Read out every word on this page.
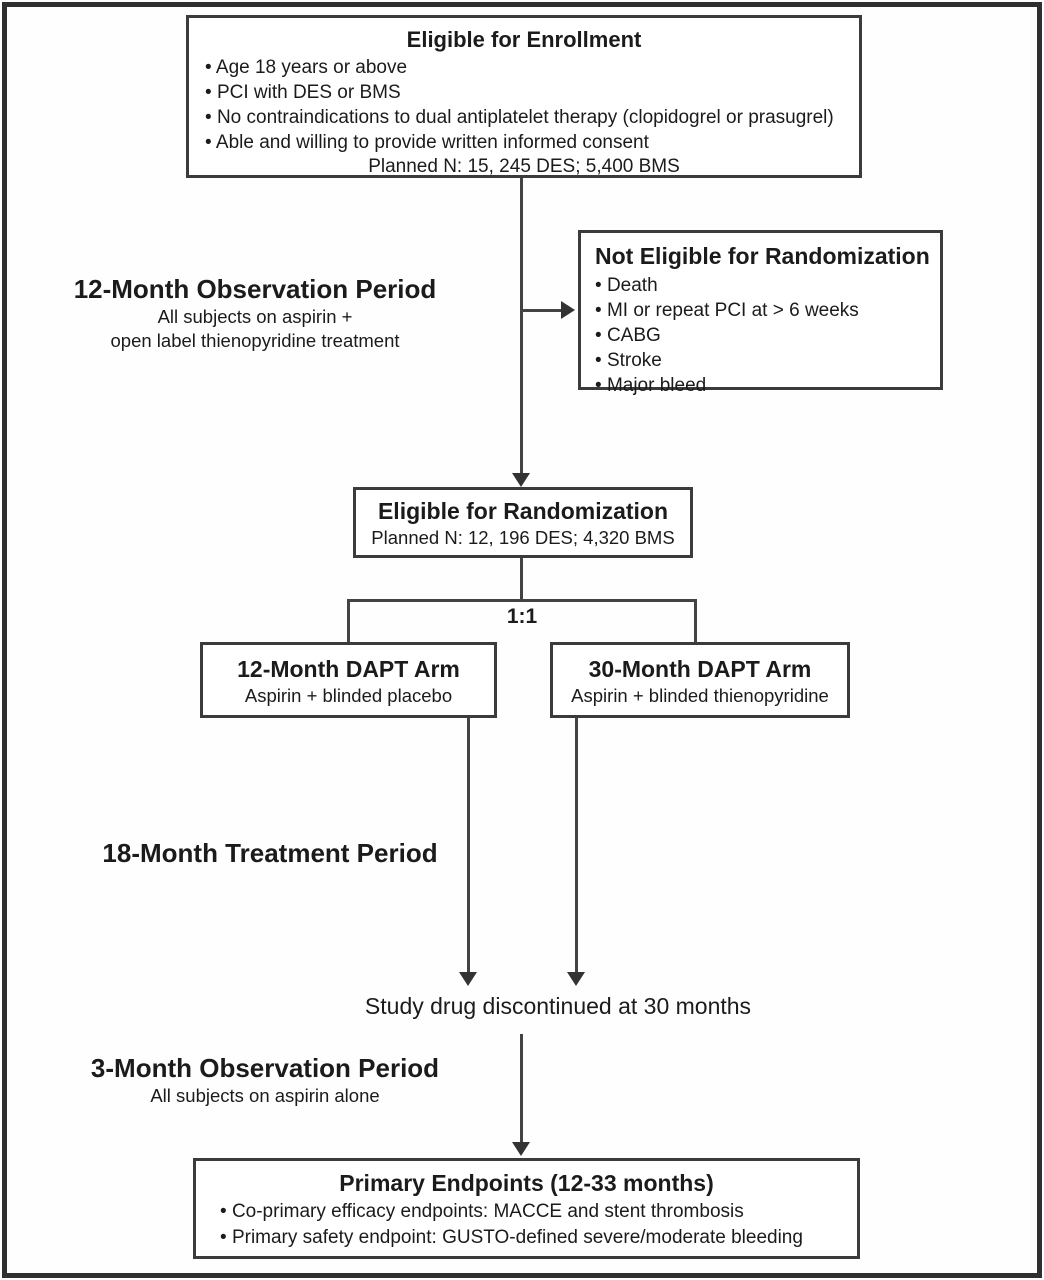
Eligible for Enrollment
• Age 18 years or above
• PCI with DES or BMS
• No contraindications to dual antiplatelet therapy (clopidogrel or prasugrel)
• Able and willing to provide written informed consent
Planned N: 15, 245 DES; 5,400 BMS
12-Month Observation Period
All subjects on aspirin +
open label thienopyridine treatment
Not Eligible for Randomization
• Death
• MI or repeat PCI at > 6 weeks
• CABG
• Stroke
• Major bleed
Eligible for Randomization
Planned N: 12, 196 DES; 4,320 BMS
1:1
12-Month DAPT Arm
Aspirin + blinded placebo
30-Month DAPT Arm
Aspirin + blinded thienopyridine
18-Month Treatment Period
Study drug discontinued at 30 months
3-Month Observation Period
All subjects on aspirin alone
Primary Endpoints (12-33 months)
• Co-primary efficacy endpoints: MACCE and stent thrombosis
• Primary safety endpoint: GUSTO-defined severe/moderate bleeding
